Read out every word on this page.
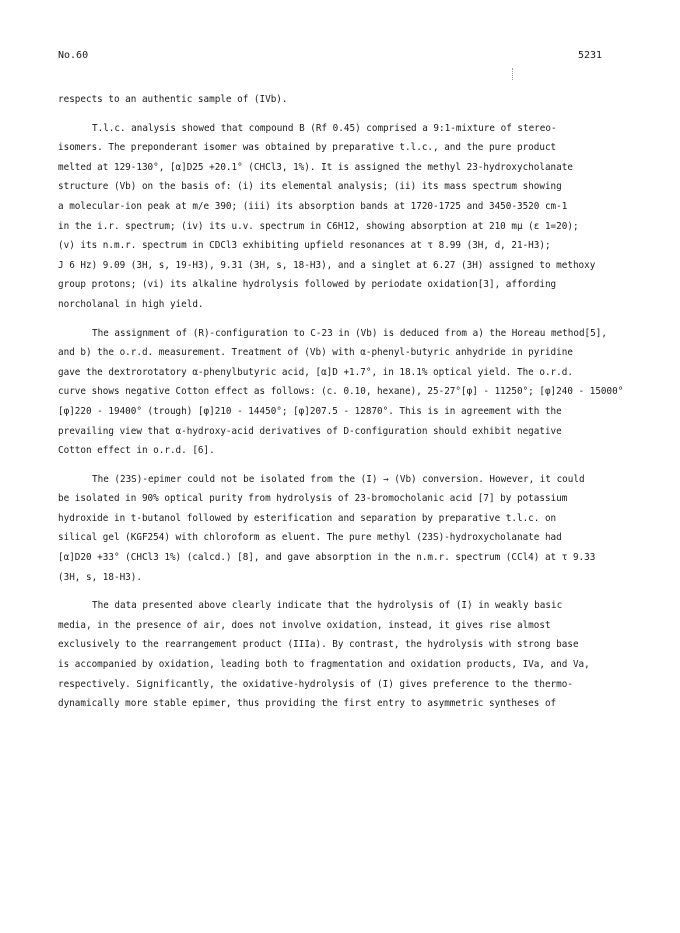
No.60	5231

respects to an authentic sample of (IVb).

T.l.c. analysis showed that compound B (Rf 0.45) comprised a 9:1-mixture of stereo-
isomers. The preponderant isomer was obtained by preparative t.l.c., and the pure product
melted at 129-130°, [α]D25 +20.1° (CHCl3, 1%). It is assigned the methyl 23-hydroxycholanate
structure (Vb) on the basis of: (i) its elemental analysis; (ii) its mass spectrum showing
a molecular-ion peak at m/e 390; (iii) its absorption bands at 1720-1725 and 3450-3520 cm-1
in the i.r. spectrum; (iv) its u.v. spectrum in C6H12, showing absorption at 210 mμ (ε 1=20);
(v) its n.m.r. spectrum in CDCl3 exhibiting upfield resonances at τ 8.99 (3H, d, 21-H3);
J 6 Hz) 9.09 (3H, s, 19-H3), 9.31 (3H, s, 18-H3), and a singlet at 6.27 (3H) assigned to methoxy
group protons; (vi) its alkaline hydrolysis followed by periodate oxidation[3], affording
norcholanal in high yield.

The assignment of (R)-configuration to C-23 in (Vb) is deduced from a) the Horeau method[5],
and b) the o.r.d. measurement. Treatment of (Vb) with α-phenyl-butyric anhydride in pyridine
gave the dextrorotatory α-phenylbutyric acid, [α]D +1.7°, in 18.1% optical yield. The o.r.d.
curve shows negative Cotton effect as follows: (c. 0.10, hexane), 25-27°[φ] - 11250°; [φ]240 - 15000°
[φ]220 - 19400° (trough) [φ]210 - 14450°; [φ]207.5 - 12870°. This is in agreement with the
prevailing view that α-hydroxy-acid derivatives of D-configuration should exhibit negative
Cotton effect in o.r.d. [6].

The (23S)-epimer could not be isolated from the (I) → (Vb) conversion. However, it could
be isolated in 90% optical purity from hydrolysis of 23-bromocholanic acid [7] by potassium
hydroxide in t-butanol followed by esterification and separation by preparative t.l.c. on
silical gel (KGF254) with chloroform as eluent. The pure methyl (23S)-hydroxycholanate had
[α]D20 +33° (CHCl3 1%) (calcd.) [8], and gave absorption in the n.m.r. spectrum (CCl4) at τ 9.33
(3H, s, 18-H3).

The data presented above clearly indicate that the hydrolysis of (I) in weakly basic
media, in the presence of air, does not involve oxidation, instead, it gives rise almost
exclusively to the rearrangement product (IIIa). By contrast, the hydrolysis with strong base
is accompanied by oxidation, leading both to fragmentation and oxidation products, IVa, and Va,
respectively. Significantly, the oxidative-hydrolysis of (I) gives preference to the thermo-
dynamically more stable epimer, thus providing the first entry to asymmetric syntheses of
